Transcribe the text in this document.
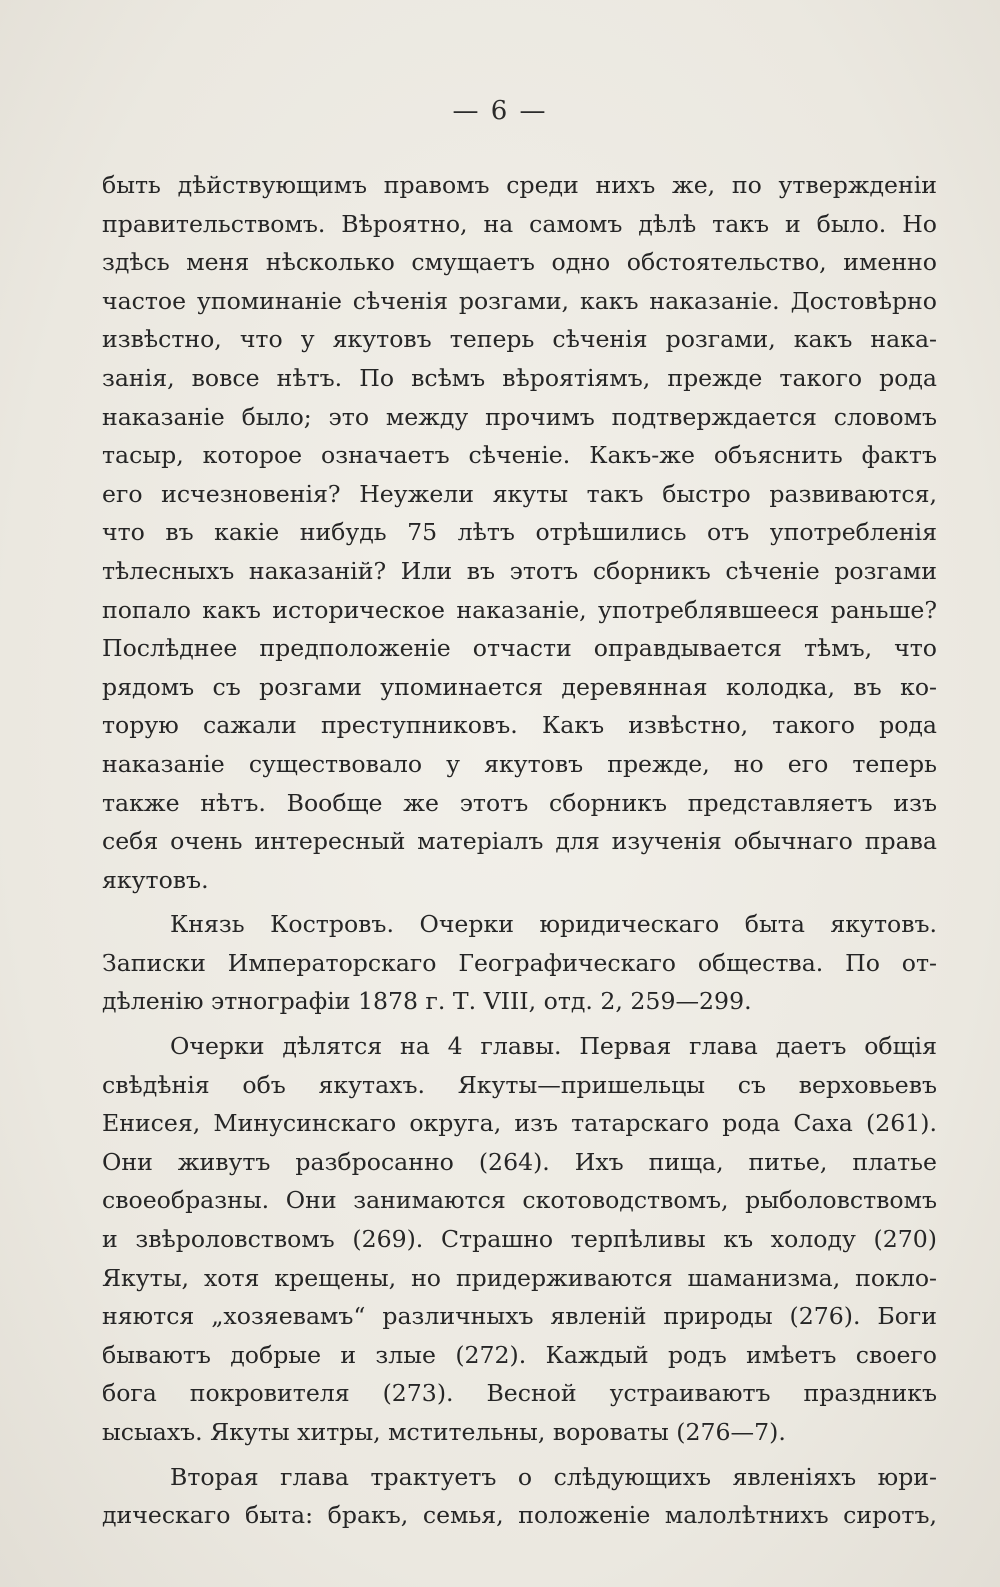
— 6 —
быть дѣйствующимъ правомъ среди нихъ же, по утвержденіи
правительствомъ. Вѣроятно, на самомъ дѣлѣ такъ и было. Но
здѣсь меня нѣсколько смущаетъ одно обстоятельство, именно
частое упоминаніе сѣченія розгами, какъ наказаніе. Достовѣрно
извѣстно, что у якутовъ теперь сѣченія розгами, какъ нака-
занія, вовсе нѣтъ. По всѣмъ вѣроятіямъ, прежде такого рода
наказаніе было; это между прочимъ подтверждается словомъ
тасыр, которое означаетъ сѣченіе. Какъ-же объяснить фактъ
его исчезновенія? Неужели якуты такъ быстро развиваются,
что въ какіе нибудь 75 лѣтъ отрѣшились отъ употребленія
тѣлесныхъ наказаній? Или въ этотъ сборникъ сѣченіе розгами
попало какъ историческое наказаніе, употреблявшееся раньше?
Послѣднее предположеніе отчасти оправдывается тѣмъ, что
рядомъ съ розгами упоминается деревянная колодка, въ ко-
торую сажали преступниковъ. Какъ извѣстно, такого рода
наказаніе существовало у якутовъ прежде, но его теперь
также нѣтъ. Вообще же этотъ сборникъ представляетъ изъ
себя очень интересный матеріалъ для изученія обычнаго права
якутовъ.
Князь Костровъ. Очерки юридическаго быта якутовъ.
Записки Императорскаго Географическаго общества. По от-
дѣленію этнографіи 1878 г. Т. VIII, отд. 2, 259—299.
Очерки дѣлятся на 4 главы. Первая глава даетъ общія
свѣдѣнія объ якутахъ. Якуты—пришельцы съ верховьевъ
Енисея, Минусинскаго округа, изъ татарскаго рода Саха (261).
Они живутъ разбросанно (264). Ихъ пища, питье, платье
своеобразны. Они занимаются скотоводствомъ, рыболовствомъ
и звѣроловствомъ (269). Страшно терпѣливы къ холоду (270)
Якуты, хотя крещены, но придерживаются шаманизма, покло-
няются „хозяевамъ“ различныхъ явленій природы (276). Боги
бываютъ добрые и злые (272). Каждый родъ имѣетъ своего
бога покровителя (273). Весной устраиваютъ праздникъ
ысыахъ. Якуты хитры, мстительны, вороваты (276—7).
Вторая глава трактуетъ о слѣдующихъ явленіяхъ юри-
дическаго быта: бракъ, семья, положеніе малолѣтнихъ сиротъ,
